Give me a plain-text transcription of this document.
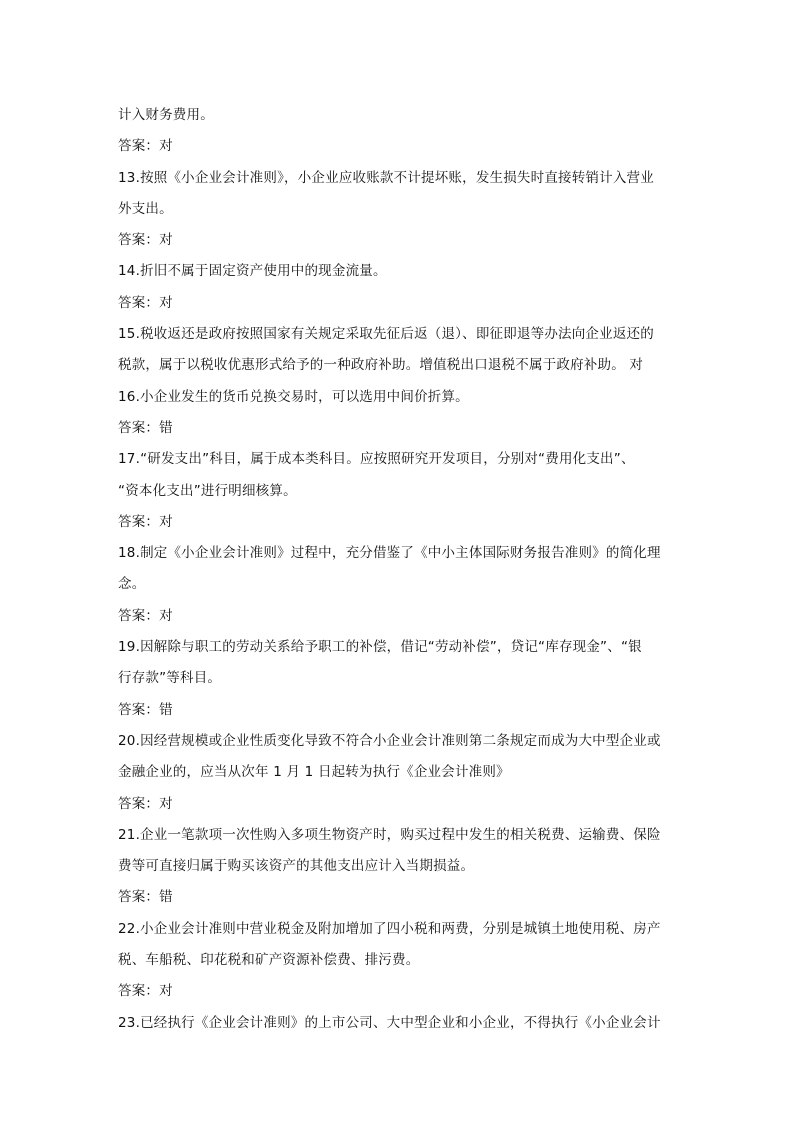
计入财务费用。
答案：对
13.按照《小企业会计准则》，小企业应收账款不计提坏账，发生损失时直接转销计入营业
外支出。
答案：对
14.折旧不属于固定资产使用中的现金流量。
答案：对
15.税收返还是政府按照国家有关规定采取先征后返（退）、即征即退等办法向企业返还的
税款，属于以税收优惠形式给予的一种政府补助。增值税出口退税不属于政府补助。 对
16.小企业发生的货币兑换交易时，可以选用中间价折算。
答案：错
17.“研发支出”科目，属于成本类科目。应按照研究开发项目，分别对“费用化支出”、
“资本化支出”进行明细核算。
答案：对
18.制定《小企业会计准则》过程中，充分借鉴了《中小主体国际财务报告准则》的简化理
念。
答案：对
19.因解除与职工的劳动关系给予职工的补偿，借记“劳动补偿”，贷记“库存现金”、“银
行存款”等科目。
答案：错
20.因经营规模或企业性质变化导致不符合小企业会计准则第二条规定而成为大中型企业或
金融企业的，应当从次年 1 月 1 日起转为执行《企业会计准则》
答案：对
21.企业一笔款项一次性购入多项生物资产时，购买过程中发生的相关税费、运输费、保险
费等可直接归属于购买该资产的其他支出应计入当期损益。
答案：错
22.小企业会计准则中营业税金及附加增加了四小税和两费，分别是城镇土地使用税、房产
税、车船税、印花税和矿产资源补偿费、排污费。
答案：对
23.已经执行《企业会计准则》的上市公司、大中型企业和小企业，不得执行《小企业会计
